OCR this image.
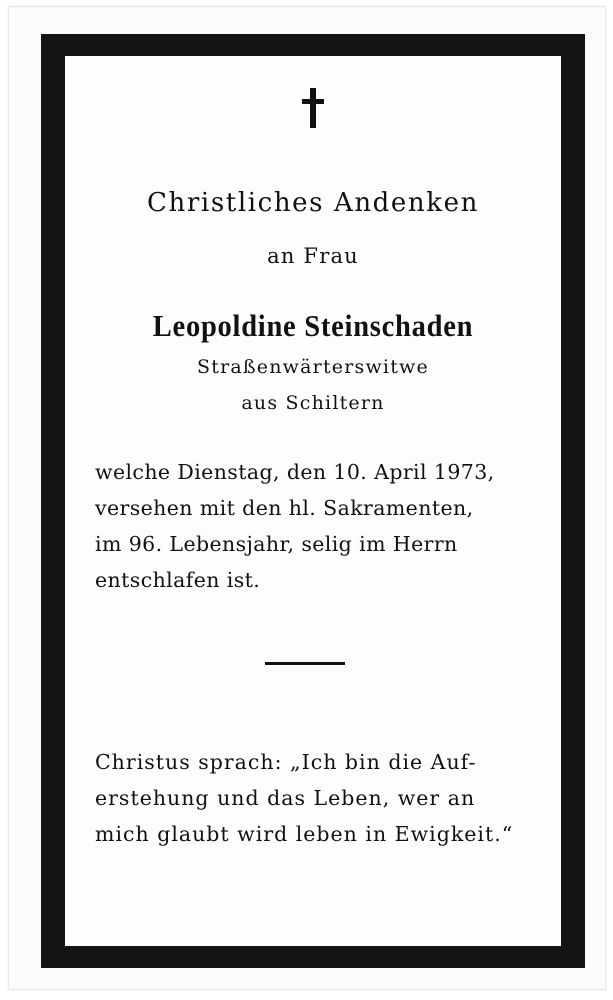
Christliches Andenken
an Frau
Leopoldine Steinschaden
Straßenwärterswitwe
aus Schiltern
welche Dienstag, den 10. April 1973,
versehen mit den hl. Sakramenten,
im 96. Lebensjahr, selig im Herrn
entschlafen ist.
Christus sprach: „Ich bin die Auf-
erstehung und das Leben, wer an
mich glaubt wird leben in Ewigkeit.“
